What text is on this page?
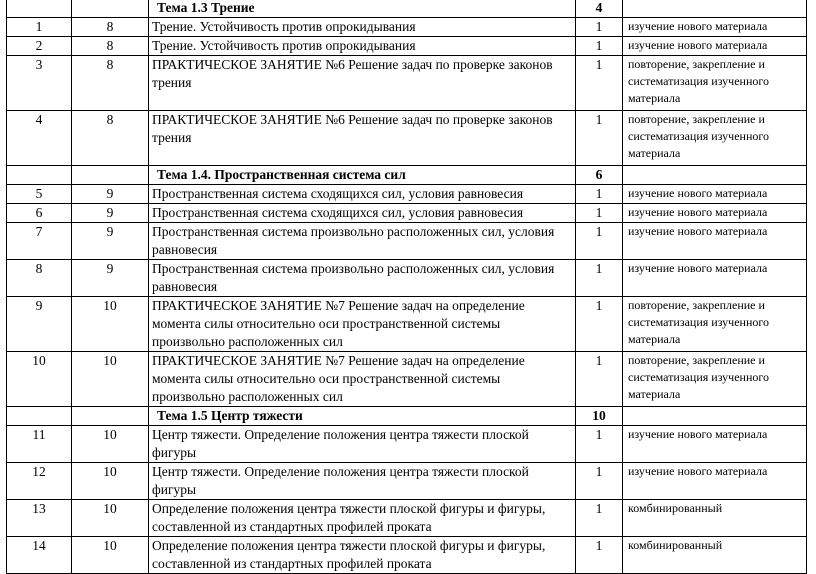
		Тема 1.3 Трение	4	
1	8	Трение. Устойчивость против опрокидывания	1	изучение нового материала
2	8	Трение. Устойчивость против опрокидывания	1	изучение нового материала
3	8	ПРАКТИЧЕСКОЕ ЗАНЯТИЕ №6 Решение задач по проверке законов трения	1	повторение, закрепление и систематизация изученного материала
4	8	ПРАКТИЧЕСКОЕ ЗАНЯТИЕ №6 Решение задач по проверке законов трения	1	повторение, закрепление и систематизация изученного материала
		Тема 1.4. Пространственная система сил	6	
5	9	Пространственная система сходящихся сил, условия равновесия	1	изучение нового материала
6	9	Пространственная система сходящихся сил, условия равновесия	1	изучение нового материала
7	9	Пространственная система произвольно расположенных сил, условия равновесия	1	изучение нового материала
8	9	Пространственная система произвольно расположенных сил, условия равновесия	1	изучение нового материала
9	10	ПРАКТИЧЕСКОЕ ЗАНЯТИЕ №7 Решение задач на определение момента силы относительно оси пространственной системы произвольно расположенных сил	1	повторение, закрепление и систематизация изученного материала
10	10	ПРАКТИЧЕСКОЕ ЗАНЯТИЕ №7 Решение задач на определение момента силы относительно оси пространственной системы произвольно расположенных сил	1	повторение, закрепление и систематизация изученного материала
		Тема 1.5 Центр тяжести	10	
11	10	Центр тяжести. Определение положения центра тяжести плоской фигуры	1	изучение нового материала
12	10	Центр тяжести. Определение положения центра тяжести плоской фигуры	1	изучение нового материала
13	10	Определение положения центра тяжести плоской фигуры и фигуры, составленной из стандартных профилей проката	1	комбинированный
14	10	Определение положения центра тяжести плоской фигуры и фигуры, составленной из стандартных профилей проката	1	комбинированный
